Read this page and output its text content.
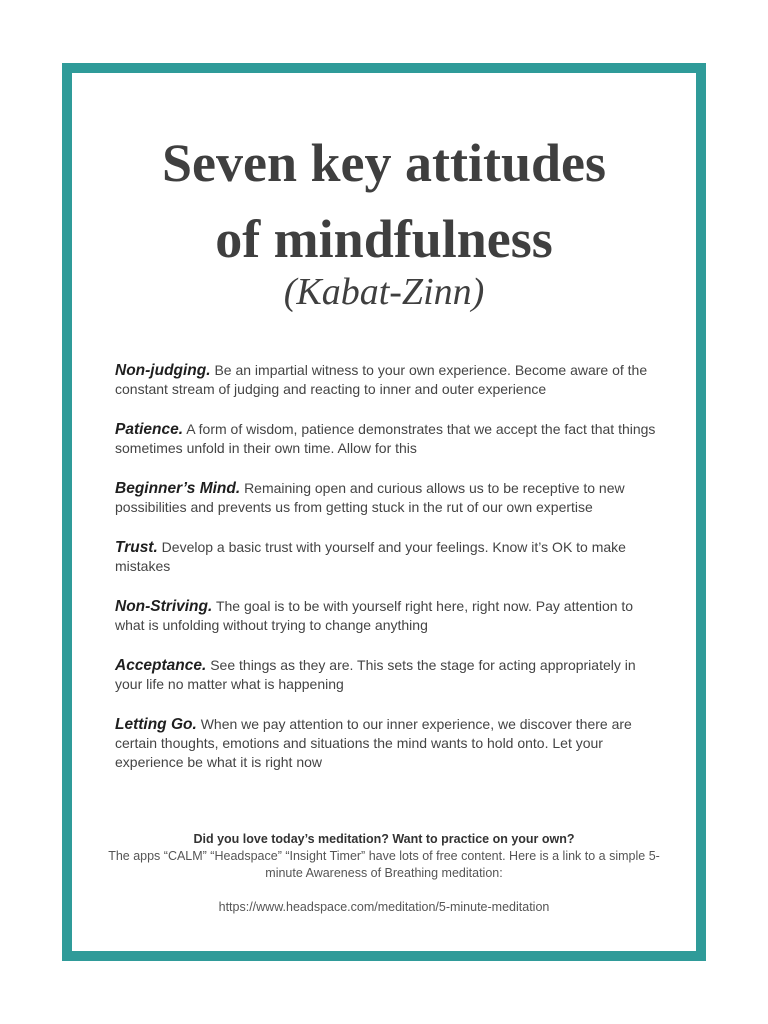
Seven key attitudes
of mindfulness
(Kabat-Zinn)

Non-judging. Be an impartial witness to your own experience. Become aware of the constant stream of judging and reacting to inner and outer experience

Patience. A form of wisdom, patience demonstrates that we accept the fact that things sometimes unfold in their own time. Allow for this

Beginner’s Mind. Remaining open and curious allows us to be receptive to new possibilities and prevents us from getting stuck in the rut of our own expertise

Trust. Develop a basic trust with yourself and your feelings. Know it’s OK to make mistakes

Non-Striving. The goal is to be with yourself right here, right now. Pay attention to what is unfolding without trying to change anything

Acceptance. See things as they are. This sets the stage for acting appropriately in your life no matter what is happening

Letting Go. When we pay attention to our inner experience, we discover there are certain thoughts, emotions and situations the mind wants to hold onto. Let your experience be what it is right now

Did you love today’s meditation? Want to practice on your own?
The apps “CALM” “Headspace” “Insight Timer” have lots of free content. Here is a link to a simple 5-minute Awareness of Breathing meditation:
https://www.headspace.com/meditation/5-minute-meditation
